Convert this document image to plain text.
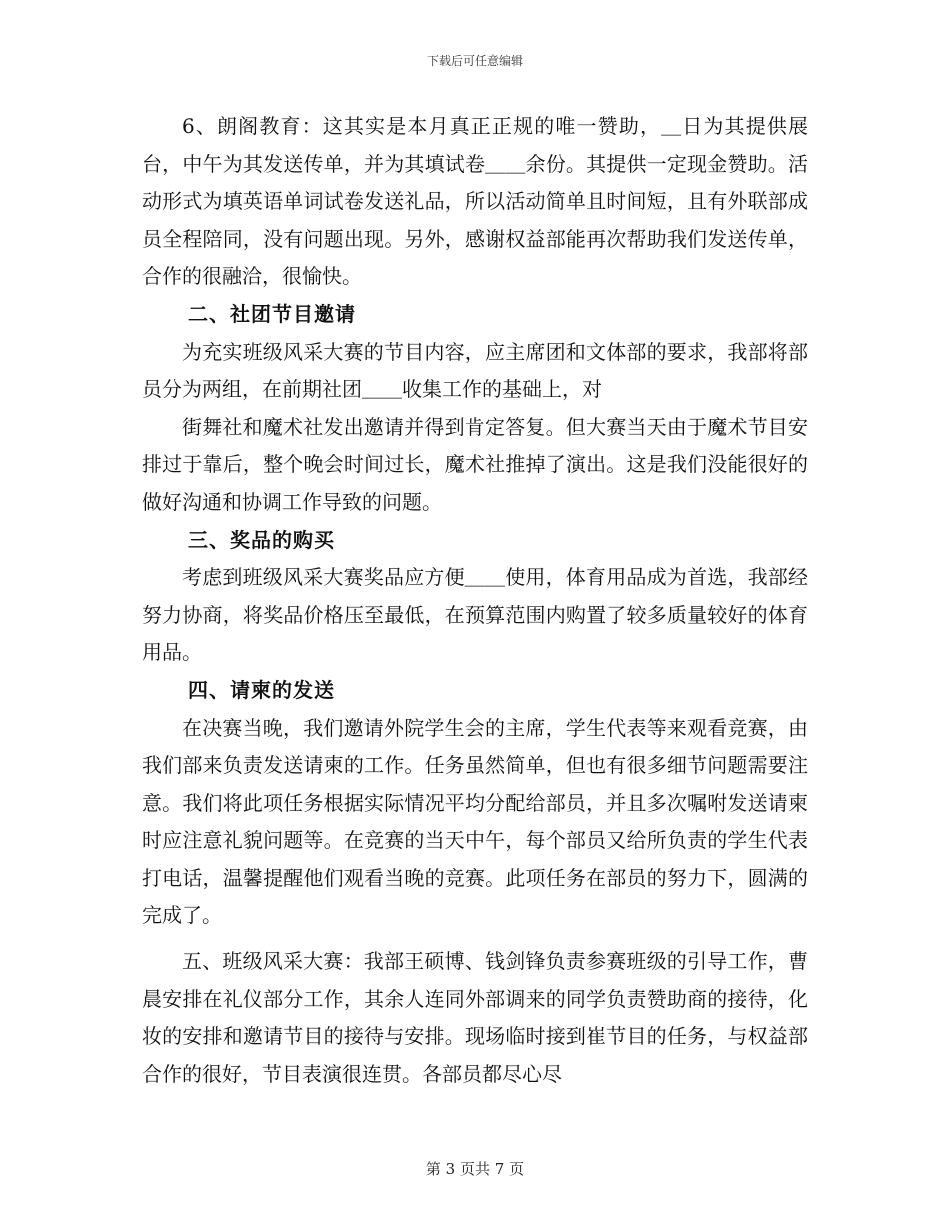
下载后可任意编辑

6、朗阁教育：这其实是本月真正正规的唯一赞助，＿日为其提供展台，中午为其发送传单，并为其填试卷＿＿余份。其提供一定现金赞助。活动形式为填英语单词试卷发送礼品，所以活动简单且时间短，且有外联部成员全程陪同，没有问题出现。另外，感谢权益部能再次帮助我们发送传单，合作的很融洽，很愉快。

二、社团节目邀请

为充实班级风采大赛的节目内容，应主席团和文体部的要求，我部将部员分为两组，在前期社团＿＿收集工作的基础上，对

街舞社和魔术社发出邀请并得到肯定答复。但大赛当天由于魔术节目安排过于靠后，整个晚会时间过长，魔术社推掉了演出。这是我们没能很好的做好沟通和协调工作导致的问题。

三、奖品的购买

考虑到班级风采大赛奖品应方便＿＿使用，体育用品成为首选，我部经努力协商，将奖品价格压至最低，在预算范围内购置了较多质量较好的体育用品。

四、请柬的发送

在决赛当晚，我们邀请外院学生会的主席，学生代表等来观看竞赛，由我们部来负责发送请柬的工作。任务虽然简单，但也有很多细节问题需要注意。我们将此项任务根据实际情况平均分配给部员，并且多次嘱咐发送请柬时应注意礼貌问题等。在竞赛的当天中午，每个部员又给所负责的学生代表打电话，温馨提醒他们观看当晚的竞赛。此项任务在部员的努力下，圆满的完成了。

五、班级风采大赛：我部王硕博、钱剑锋负责参赛班级的引导工作，曹晨安排在礼仪部分工作，其余人连同外部调来的同学负责赞助商的接待，化妆的安排和邀请节目的接待与安排。现场临时接到崔节目的任务，与权益部合作的很好，节目表演很连贯。各部员都尽心尽

第 3 页共 7 页
